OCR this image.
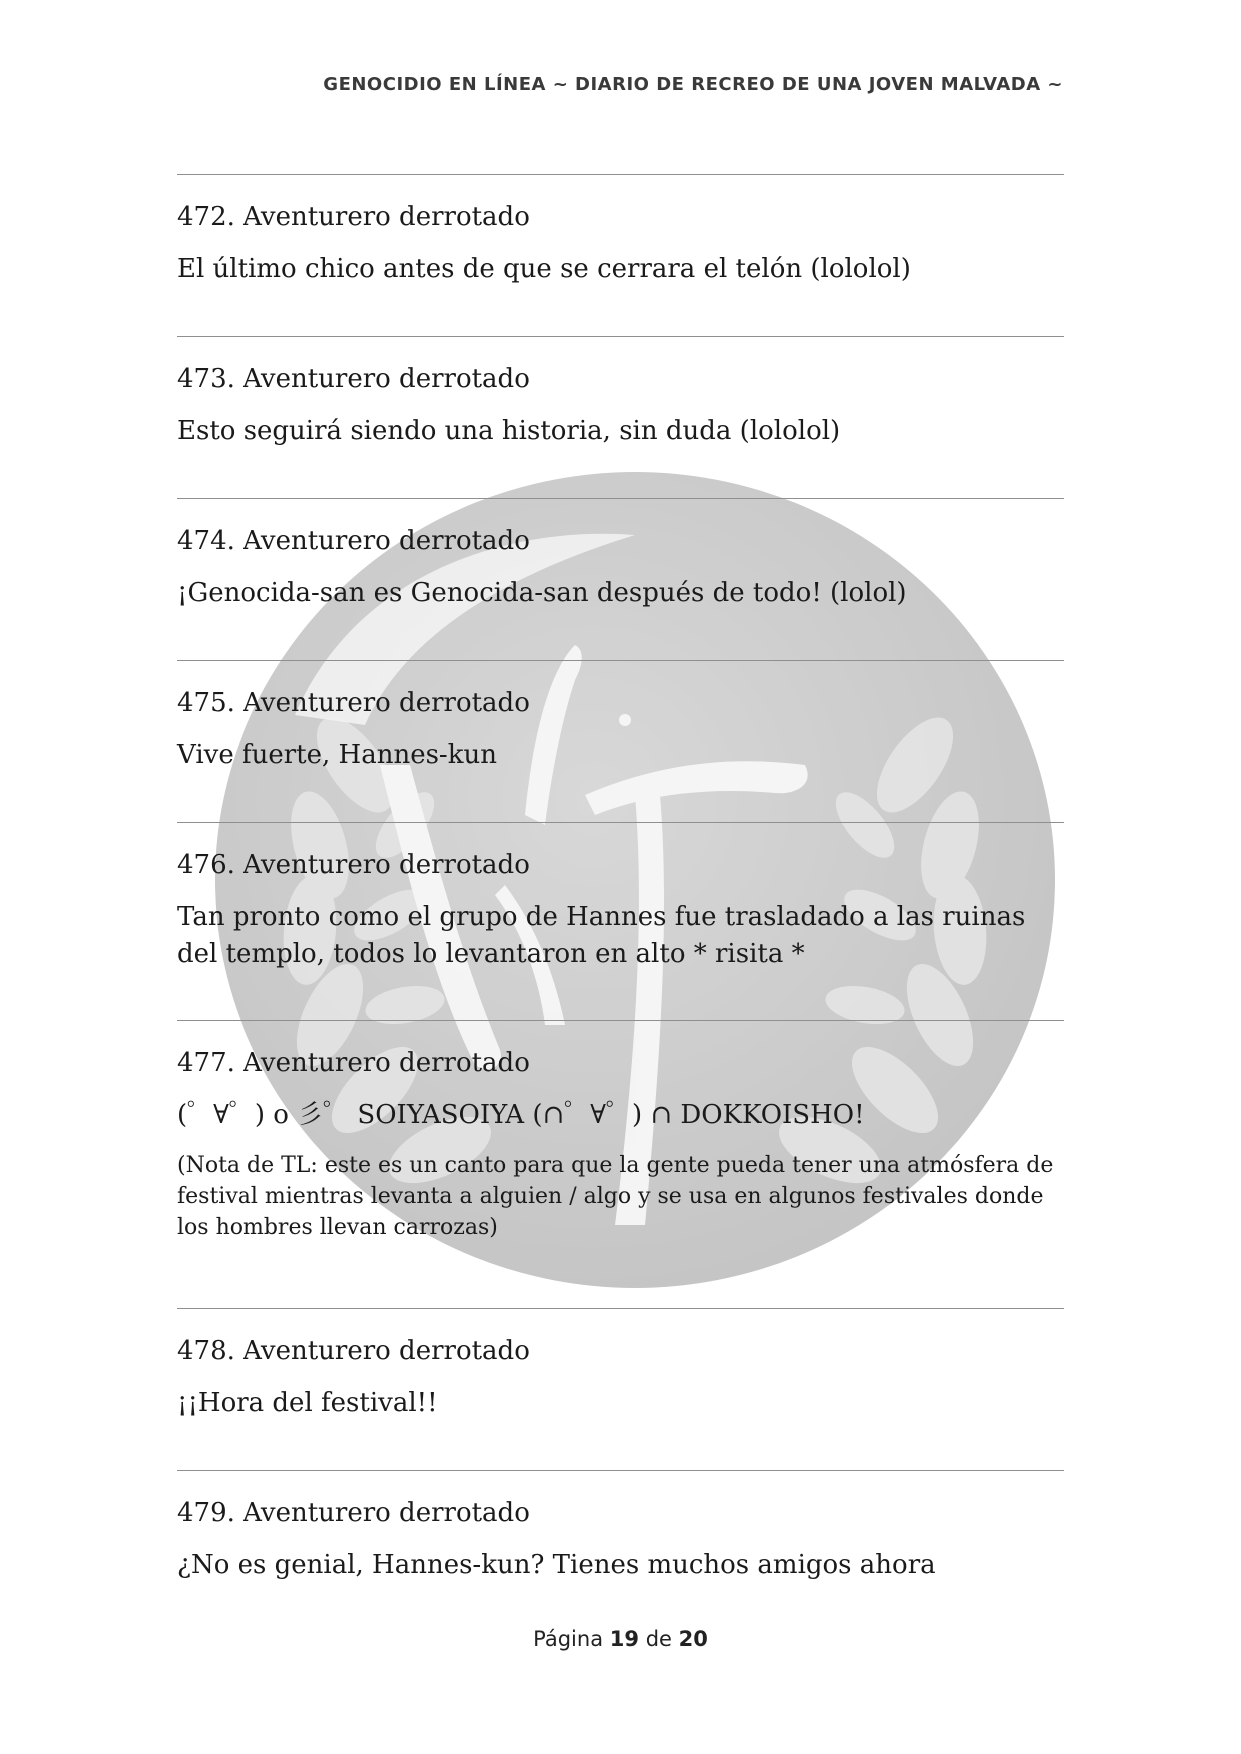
GENOCIDIO EN LÍNEA ~ DIARIO DE RECREO DE UNA JOVEN MALVADA ~
472. Aventurero derrotado
El último chico antes de que se cerrara el telón (lololol)
473. Aventurero derrotado
Esto seguirá siendo una historia, sin duda (lololol)
474. Aventurero derrotado
¡Genocida-san es Genocida-san después de todo! (lolol)
475. Aventurero derrotado
Vive fuerte, Hannes-kun
476. Aventurero derrotado
Tan pronto como el grupo de Hannes fue trasladado a las ruinas del templo, todos lo levantaron en alto * risita *
477. Aventurero derrotado
(゜∀゜) o 彡゜ SOIYASOIYA (∩゜∀゜) ∩ DOKKOISHO!
(Nota de TL: este es un canto para que la gente pueda tener una atmósfera de festival mientras levanta a alguien / algo y se usa en algunos festivales donde los hombres llevan carrozas)
478. Aventurero derrotado
¡¡Hora del festival!!
479. Aventurero derrotado
¿No es genial, Hannes-kun? Tienes muchos amigos ahora
Página 19 de 20
